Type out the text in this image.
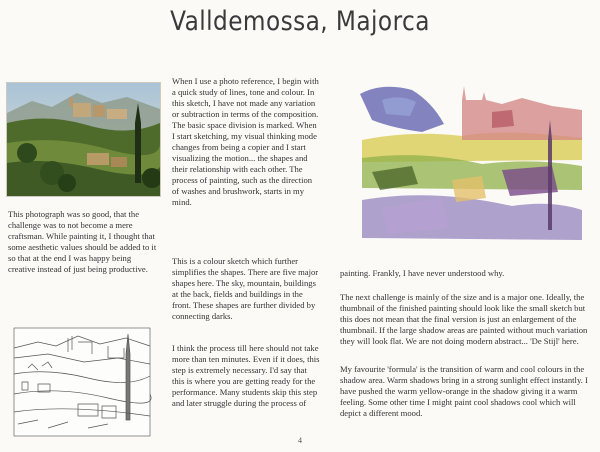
Valldemossa, Majorca

This photograph was so good, that the challenge was to not become a mere craftsman. While painting it, I thought that some aesthetic values should be added to it so that at the end I was happy being creative instead of just being productive.

When I use a photo reference, I begin with a quick study of lines, tone and colour. In this sketch, I have not made any variation or subtraction in terms of the composition. The basic space division is marked. When I start sketching, my visual thinking mode changes from being a copier and I start visualizing the motion... the shapes and their relationship with each other. The process of painting, such as the direction of washes and brushwork, starts in my mind.

This is a colour sketch which further simplifies the shapes. There are five major shapes here. The sky, mountain, buildings at the back, fields and buildings in the front. These shapes are further divided by connecting darks.

I think the process till here should not take more than ten minutes. Even if it does, this step is extremely necessary. I'd say that this is where you are getting ready for the performance. Many students skip this step and later struggle during the process of

painting. Frankly, I have never understood why.

The next challenge is mainly of the size and is a major one. Ideally, the thumbnail of the finished painting should look like the small sketch but this does not mean that the final version is just an enlargement of the thumbnail. If the large shadow areas are painted without much variation they will look flat. We are not doing modern abstract... 'De Stijl' here.

My favourite 'formula' is the transition of warm and cool colours in the shadow area. Warm shadows bring in a strong sunlight effect instantly. I have pushed the warm yellow-orange in the shadow giving it a warm feeling. Some other time I might paint cool shadows cool which will depict a different mood.

4
